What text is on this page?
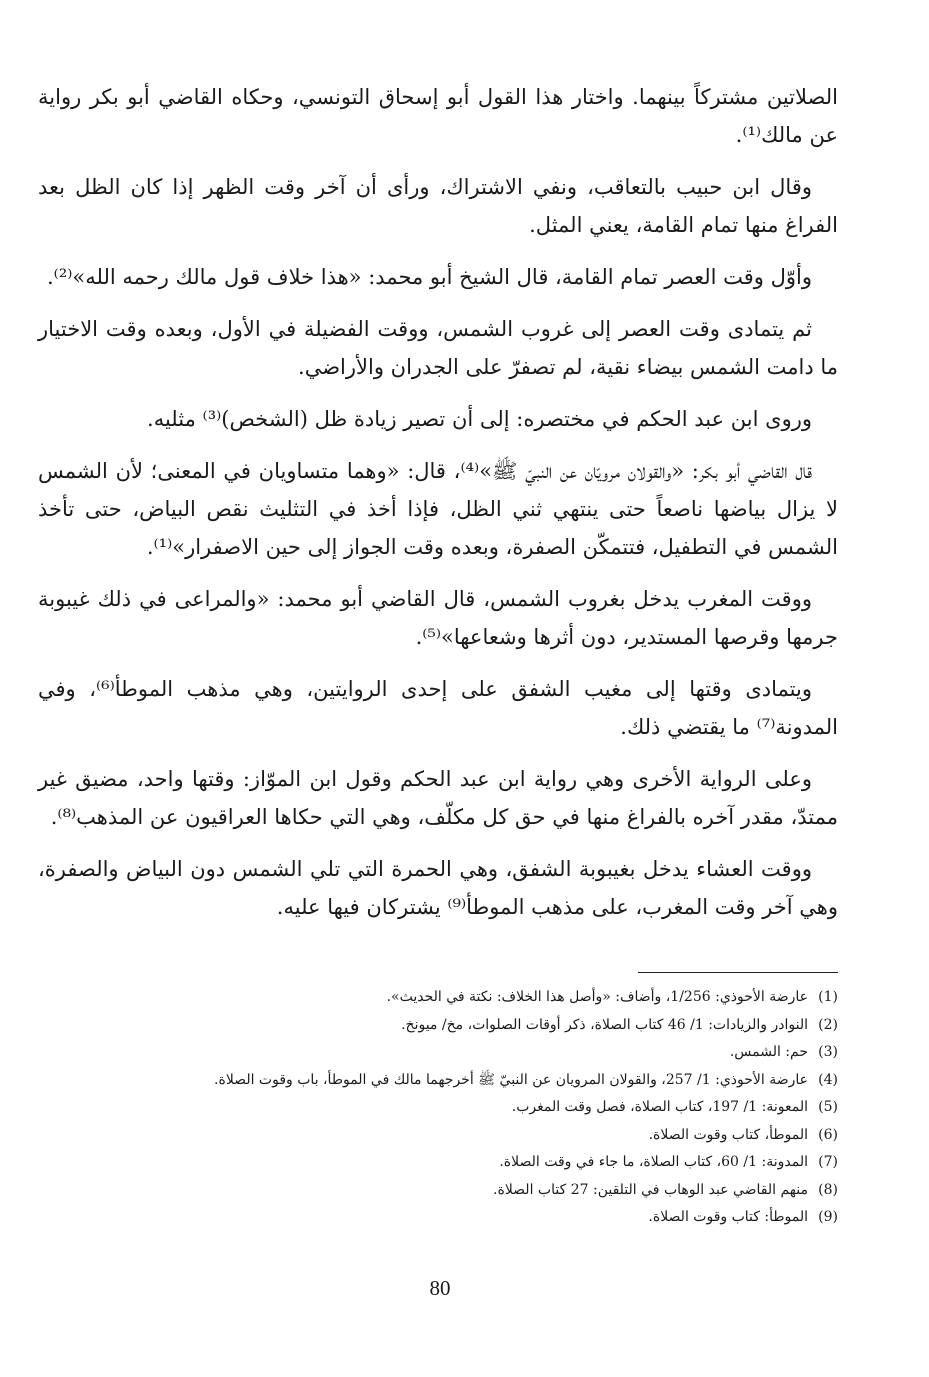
الصلاتين مشتركاً بينهما. واختار هذا القول أبو إسحاق التونسي، وحكاه القاضي أبو بكر رواية عن مالك⁽¹⁾.

وقال ابن حبيب بالتعاقب، ونفي الاشتراك، ورأى أن آخر وقت الظهر إذا كان الظل بعد الفراغ منها تمام القامة، يعني المثل.

وأوّل وقت العصر تمام القامة، قال الشيخ أبو محمد: «هذا خلاف قول مالك رحمه الله»⁽²⁾.

ثم يتمادى وقت العصر إلى غروب الشمس، ووقت الفضيلة في الأول، وبعده وقت الاختيار ما دامت الشمس بيضاء نقية، لم تصفرّ على الجدران والأراضي.

وروى ابن عبد الحكم في مختصره: إلى أن تصير زيادة ظل (الشخص)⁽³⁾ مثليه.

قال القاضي أبو بكر: «والقولان مرويّان عن النبيّ ﷺ»⁽⁴⁾، قال: «وهما متساويان في المعنى؛ لأن الشمس لا يزال بياضها ناصعاً حتى ينتهي ثني الظل، فإذا أخذ في التثليث نقص البياض، حتى تأخذ الشمس في التطفيل، فتتمكّن الصفرة، وبعده وقت الجواز إلى حين الاصفرار»⁽¹⁾.

ووقت المغرب يدخل بغروب الشمس، قال القاضي أبو محمد: «والمراعى في ذلك غيبوبة جرمها وقرصها المستدير، دون أثرها وشعاعها»⁽⁵⁾.

ويتمادى وقتها إلى مغيب الشفق على إحدى الروايتين، وهي مذهب الموطأ⁽⁶⁾، وفي المدونة⁽⁷⁾ ما يقتضي ذلك.

وعلى الرواية الأخرى وهي رواية ابن عبد الحكم وقول ابن الموّاز: وقتها واحد، مضيق غير ممتدّ، مقدر آخره بالفراغ منها في حق كل مكلّف، وهي التي حكاها العراقيون عن المذهب⁽⁸⁾.

ووقت العشاء يدخل بغيبوبة الشفق، وهي الحمرة التي تلي الشمس دون البياض والصفرة، وهي آخر وقت المغرب، على مذهب الموطأ⁽⁹⁾ يشتركان فيها عليه.

(1)
عارضة الأحوذي: 1/256، وأضاف: «وأصل هذا الخلاف: نكتة في الحديث».
(2)
النوادر والزيادات: 1/ 46 كتاب الصلاة، ذكر أوقات الصلوات، مخ/ ميونخ.
(3)
حم: الشمس.
(4)
عارضة الأحوذي: 1/ 257، والقولان المرويان عن النبيّ ﷺ أخرجهما مالك في الموطأ، باب وقوت الصلاة.
(5)
المعونة: 1/ 197، كتاب الصلاة، فصل وقت المغرب.
(6)
الموطأ، كتاب وقوت الصلاة.
(7)
المدونة: 1/ 60، كتاب الصلاة، ما جاء في وقت الصلاة.
(8)
منهم القاضي عبد الوهاب في التلقين: 27 كتاب الصلاة.
(9)
الموطأ: كتاب وقوت الصلاة.
80
